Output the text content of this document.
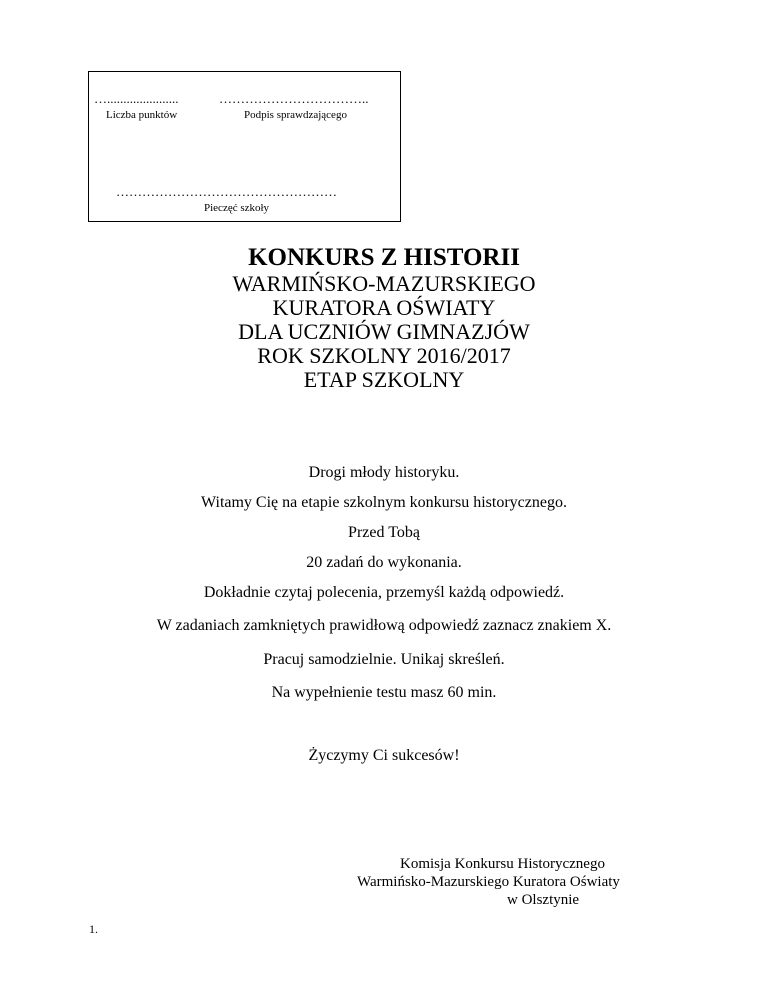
…......................
Liczba punktów
……………………………..
Podpis sprawdzającego
……………………………………………
Pieczęć szkoły
KONKURS Z HISTORII
WARMIŃSKO-MAZURSKIEGO
KURATORA OŚWIATY
DLA UCZNIÓW GIMNAZJÓW
ROK SZKOLNY 2016/2017
ETAP SZKOLNY
Drogi młody historyku.
Witamy Cię na etapie szkolnym konkursu historycznego.
Przed Tobą
20 zadań do wykonania.
Dokładnie czytaj polecenia, przemyśl każdą odpowiedź.
W zadaniach zamkniętych prawidłową odpowiedź zaznacz znakiem X.
Pracuj samodzielnie. Unikaj skreśleń.
Na wypełnienie testu masz 60 min.
Życzymy Ci sukcesów!
Komisja Konkursu Historycznego
Warmińsko-Mazurskiego Kuratora Oświaty
w Olsztynie
1.
